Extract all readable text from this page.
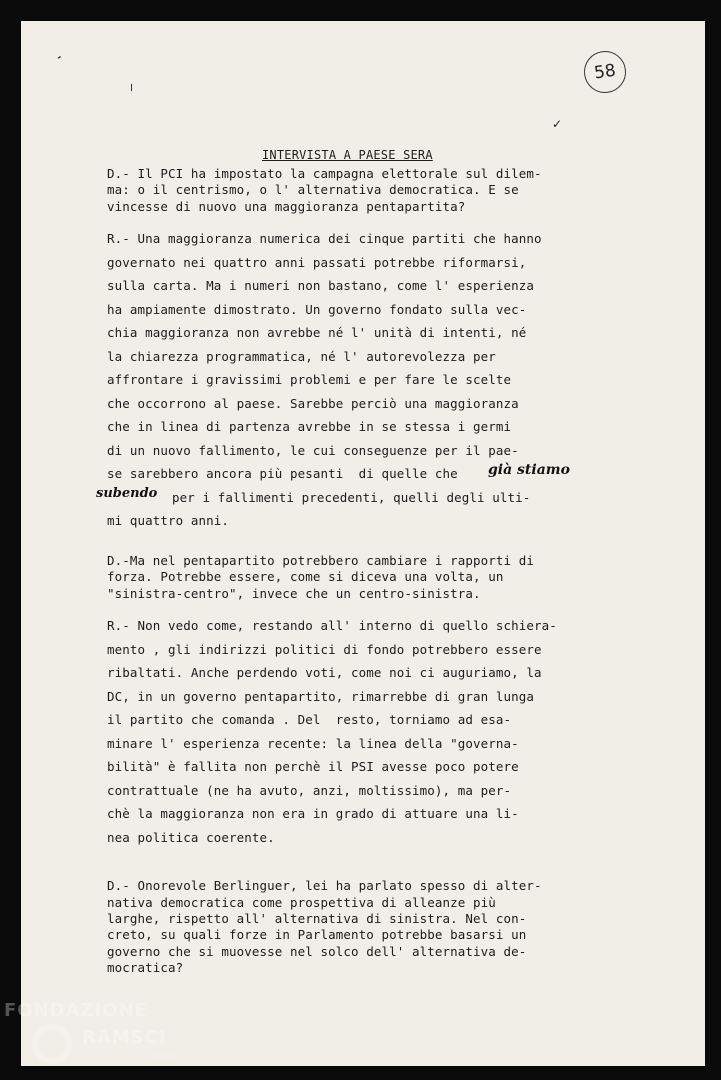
58
ʼ
╷
✓
INTERVISTA A PAESE SERA
D.- Il PCI ha impostato la campagna elettorale sul dilem-
ma: o il centrismo, o l' alternativa democratica. E se
vincesse di nuovo una maggioranza pentapartita?
R.- Una maggioranza numerica dei cinque partiti che hanno
governato nei quattro anni passati potrebbe riformarsi,
sulla carta. Ma i numeri non bastano, come l' esperienza
ha ampiamente dimostrato. Un governo fondato sulla vec-
chia maggioranza non avrebbe né l' unità di intenti, né
la chiarezza programmatica, né l' autorevolezza per
affrontare i gravissimi problemi e per fare le scelte
che occorrono al paese. Sarebbe perciò una maggioranza
che in linea di partenza avrebbe in se stessa i germi
di un nuovo fallimento, le cui conseguenze per il pae-
se sarebbero ancora più pesanti  di quelle che già stiamo
subendo per i fallimenti precedenti, quelli degli ulti-
mi quattro anni.
D.-Ma nel pentapartito potrebbero cambiare i rapporti di
forza. Potrebbe essere, come si diceva una volta, un
"sinistra-centro", invece che un centro-sinistra.
R.- Non vedo come, restando all' interno di quello schiera-
mento , gli indirizzi politici di fondo potrebbero essere
ribaltati. Anche perdendo voti, come noi ci auguriamo, la
DC, in un governo pentapartito, rimarrebbe di gran lunga
il partito che comanda . Del  resto, torniamo ad esa-
minare l' esperienza recente: la linea della "governa-
bilità" è fallita non perchè il PSI avesse poco potere
contrattuale (ne ha avuto, anzi, moltissimo), ma per-
chè la maggioranza non era in grado di attuare una li-
nea politica coerente.
D.- Onorevole Berlinguer, lei ha parlato spesso di alter-
nativa democratica come prospettiva di alleanze più
larghe, rispetto all' alternativa di sinistra. Nel con-
creto, su quali forze in Parlamento potrebbe basarsi un
governo che si muovesse nel solco dell' alternativa de-
mocratica?
FONDAZIONE
RAMSCI
onlus
